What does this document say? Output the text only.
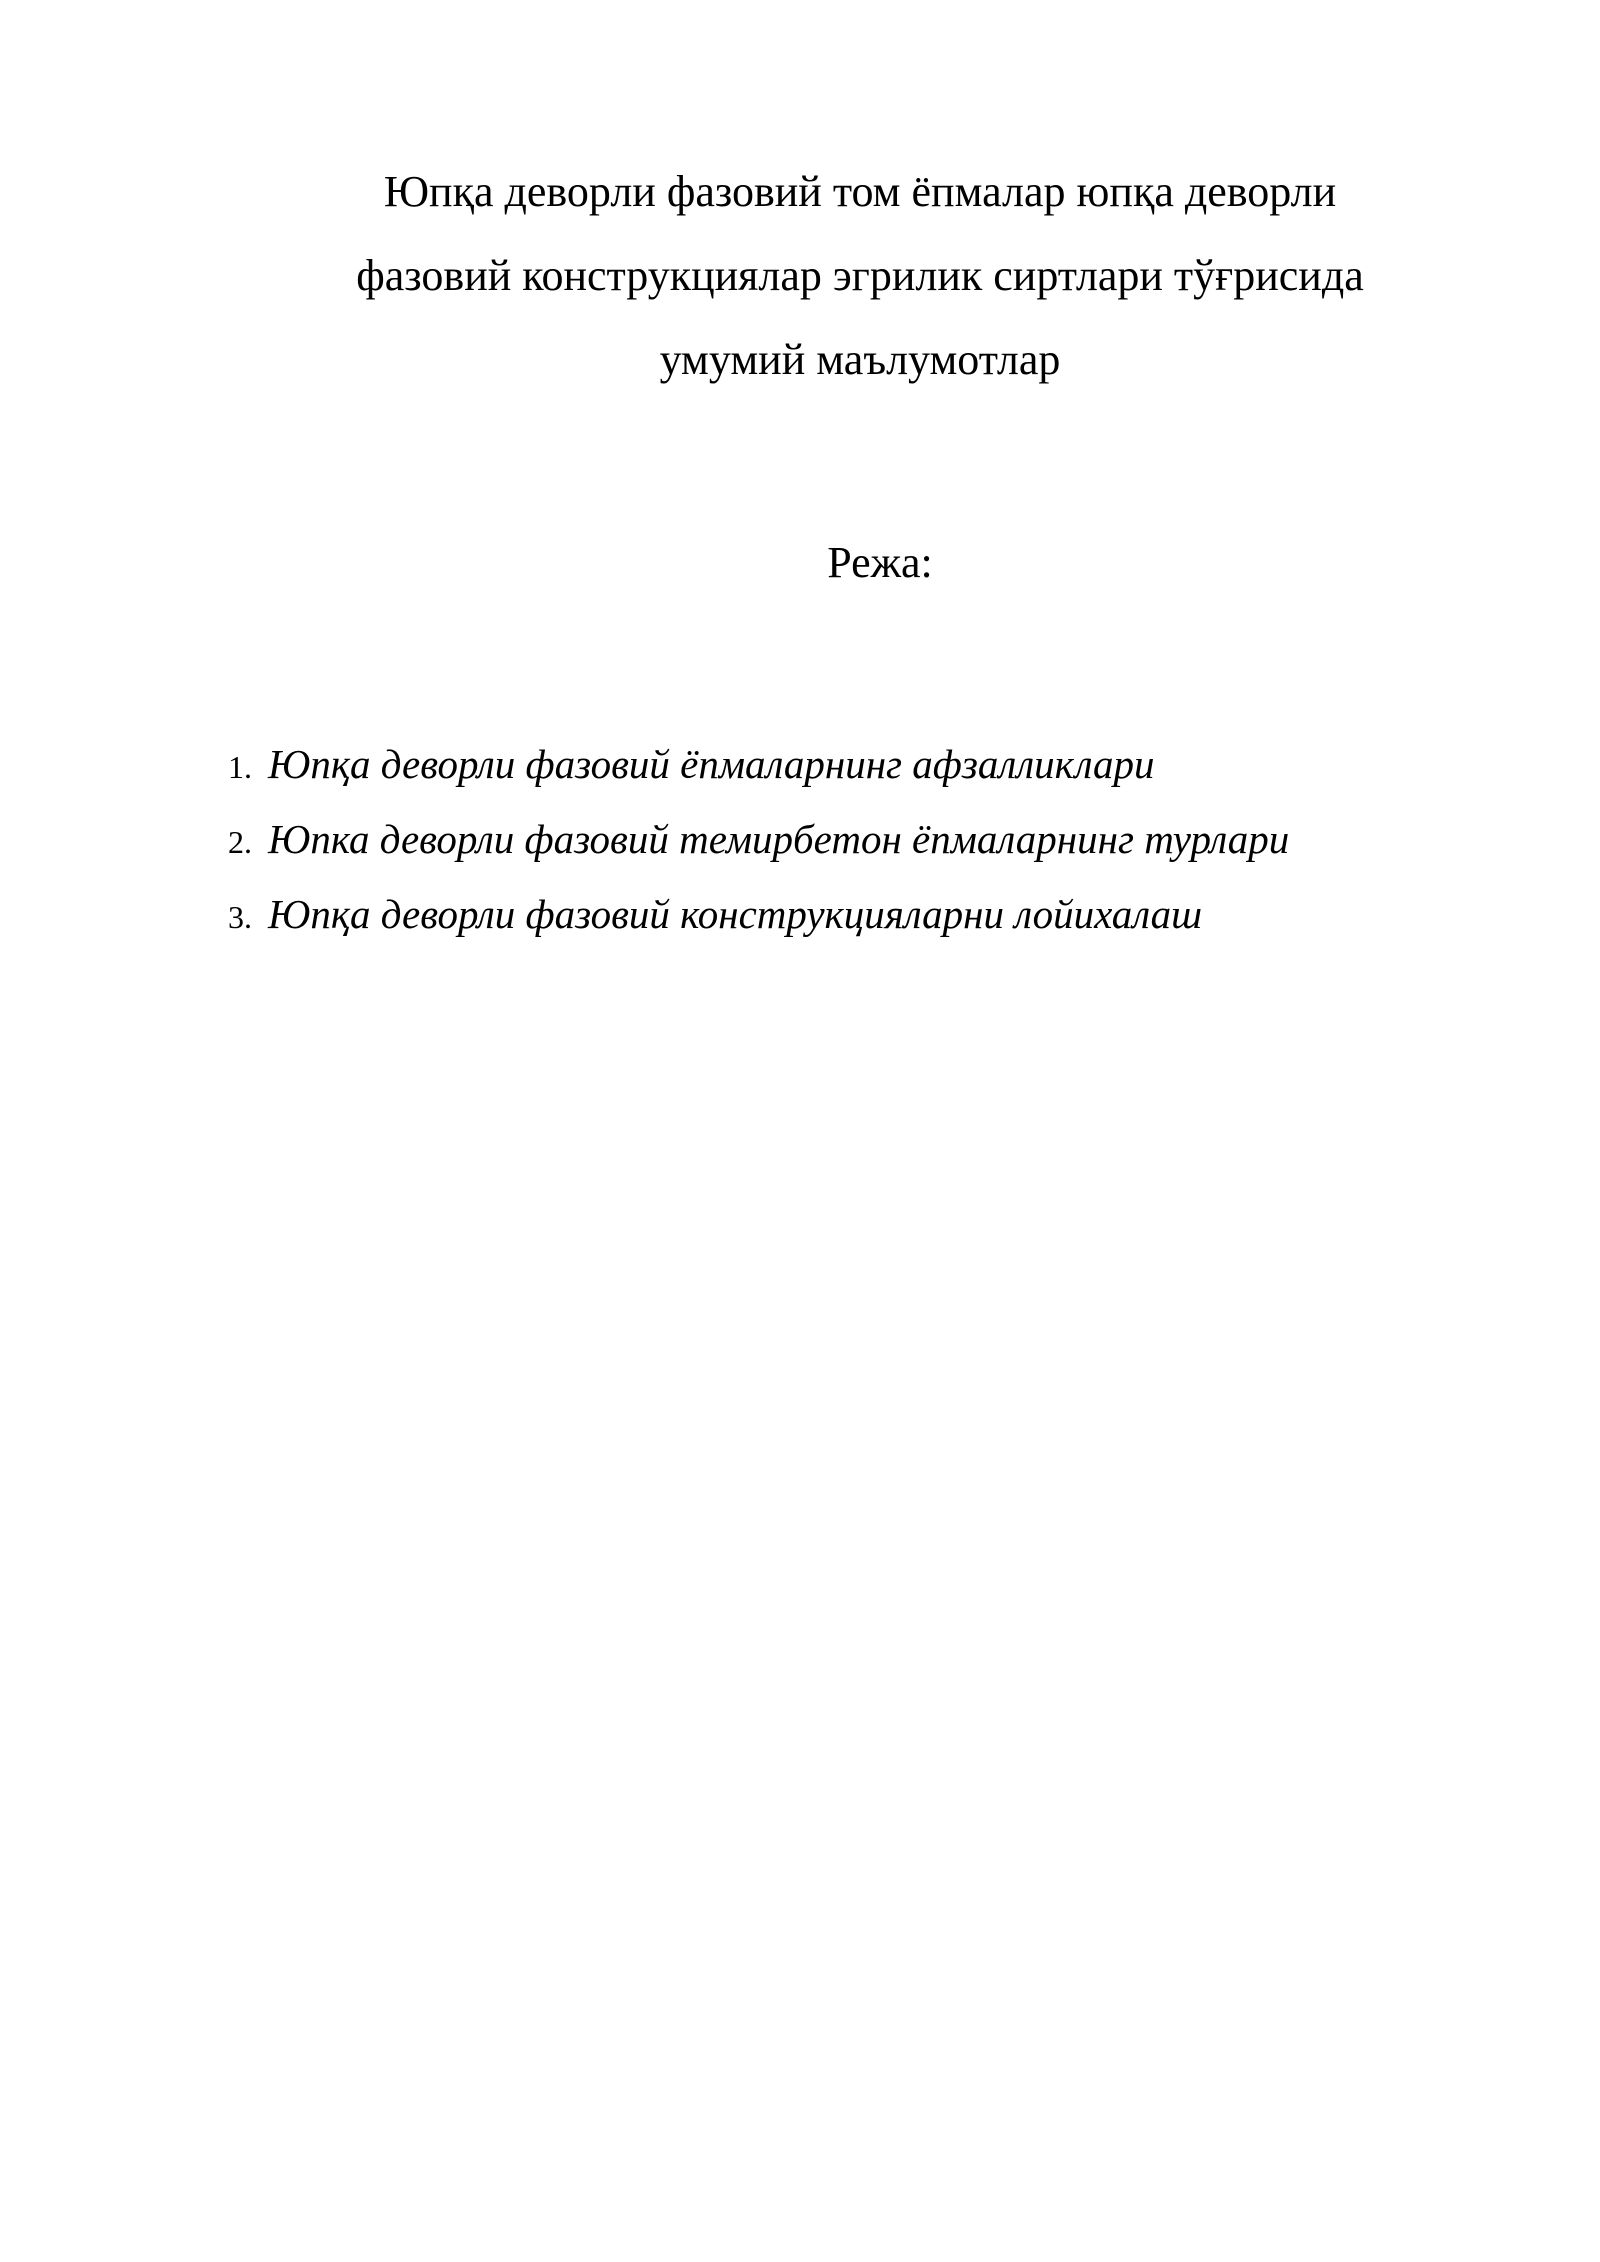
Юпқа деворли фазовий том ёпмалар юпқа деворли
фазовий конструкциялар эгрилик сиртлари тўғрисида
умумий маълумотлар
Режа:
1. Юпқа деворли фазовий ёпмаларнинг афзалликлари
2. Юпка деворли фазовий темирбетон ёпмаларнинг турлари
3. Юпқа деворли фазовий конструкцияларни лойихалаш
